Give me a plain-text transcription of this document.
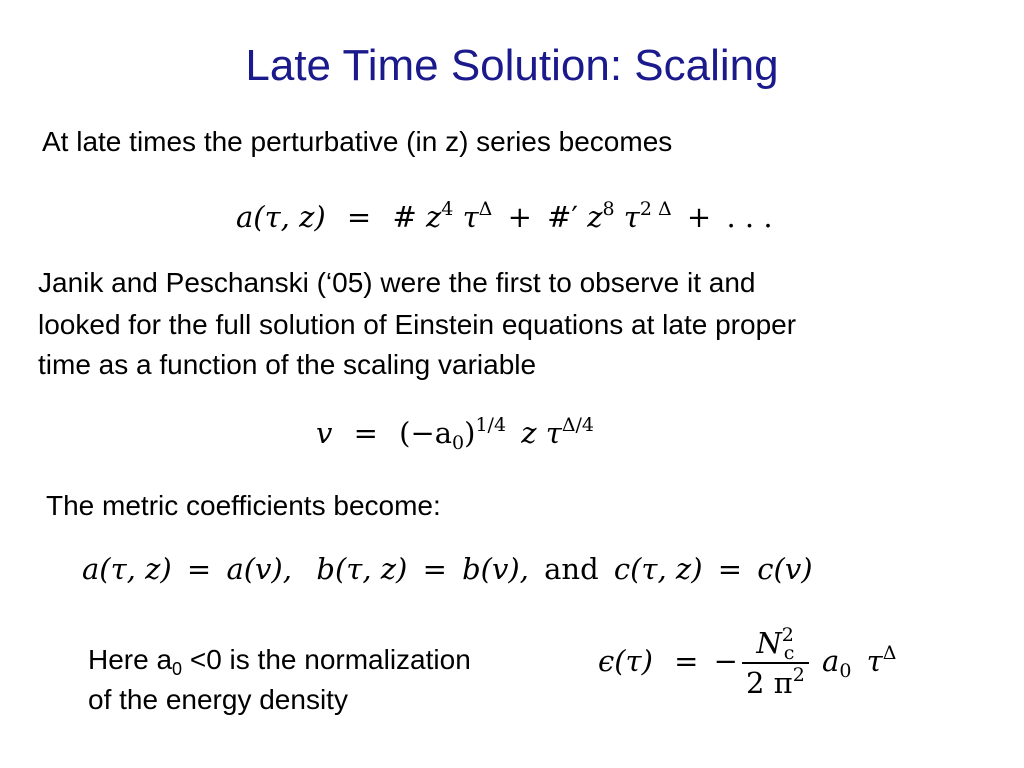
Late Time Solution: Scaling
At late times the perturbative (in z) series becomes
a(τ, z) = # $z^4$ $\tau^\Delta$ + #′ $z^8$ $\tau^{2 \Delta}$ + . . .
Janik and Peschanski (‘05) were the first to observe it and
looked for the full solution of Einstein equations at late proper
time as a function of the scaling variable
$v = (-a_0)^{1/4}$ z $\tau^{\Delta/4}$
The metric coefficients become:
a(τ, z) = a(v), b(τ, z) = b(v), and c(τ, z) = c(v)
Here $a_0 <0$ is the normalization
of the energy density
ϵ(τ) = − $\frac{N^2_c}{2 \pi^2} a_0$ $\tau^\Delta$
